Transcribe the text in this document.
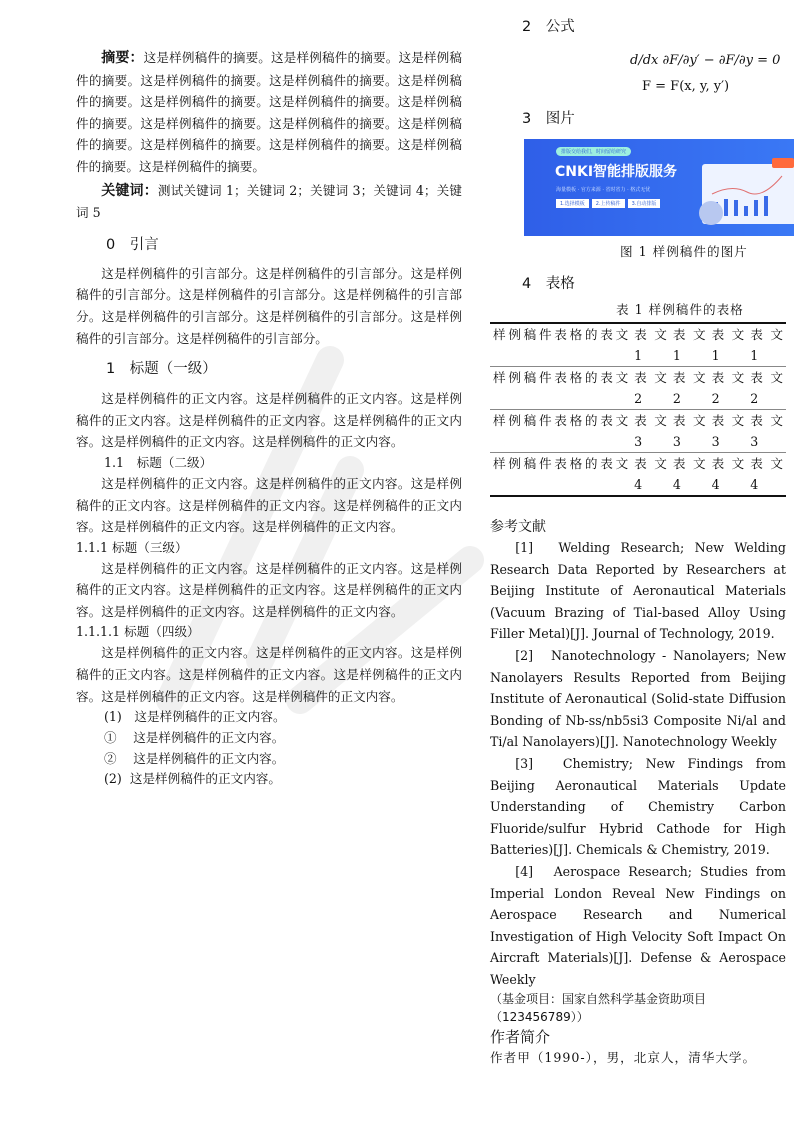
摘要：这是样例稿件的摘要。这是样例稿件的摘要。这是样例稿件的摘要。这是样例稿件的摘要。这是样例稿件的摘要。这是样例稿件的摘要。这是样例稿件的摘要。这是样例稿件的摘要。这是样例稿件的摘要。这是样例稿件的摘要。这是样例稿件的摘要。这是样例稿件的摘要。这是样例稿件的摘要。这是样例稿件的摘要。这是样例稿件的摘要。这是样例稿件的摘要。

关键词：测试关键词 1；关键词 2；关键词 3；关键词 4；关键词 5

0　 引言

这是样例稿件的引言部分。这是样例稿件的引言部分。这是样例稿件的引言部分。这是样例稿件的引言部分。这是样例稿件的引言部分。这是样例稿件的引言部分。这是样例稿件的引言部分。这是样例稿件的引言部分。这是样例稿件的引言部分。

1　 标题（一级）

这是样例稿件的正文内容。这是样例稿件的正文内容。这是样例稿件的正文内容。这是样例稿件的正文内容。这是样例稿件的正文内容。这是样例稿件的正文内容。这是样例稿件的正文内容。

1.1　标题（二级）

这是样例稿件的正文内容。这是样例稿件的正文内容。这是样例稿件的正文内容。这是样例稿件的正文内容。这是样例稿件的正文内容。这是样例稿件的正文内容。这是样例稿件的正文内容。

1.1.1 标题（三级）

这是样例稿件的正文内容。这是样例稿件的正文内容。这是样例稿件的正文内容。这是样例稿件的正文内容。这是样例稿件的正文内容。这是样例稿件的正文内容。这是样例稿件的正文内容。

1.1.1.1 标题（四级）

这是样例稿件的正文内容。这是样例稿件的正文内容。这是样例稿件的正文内容。这是样例稿件的正文内容。这是样例稿件的正文内容。这是样例稿件的正文内容。这是样例稿件的正文内容。

(1)　这是样例稿件的正文内容。
①　 这是样例稿件的正文内容。
②　 这是样例稿件的正文内容。
(2)  这是样例稿件的正文内容。
2　 公式
d/dx ∂F/∂y′ − ∂F/∂y = 0
F = F(x, y, y′)
3　 图片
排版交给我们，时间留给研究
CNKI智能排版服务
海量模板 · 官方来源 · 省时省力 · 格式无忧
1.选择模板	2.上传稿件	3.自动排版
图 1 样例稿件的图片
4　 表格
表 1 样例稿件的表格
样例稿件表格的表文	表文1	表文1	表文1	表文1
样例稿件表格的表文	表文2	表文2	表文2	表文2
样例稿件表格的表文	表文3	表文3	表文3	表文3
样例稿件表格的表文	表文4	表文4	表文4	表文4
参考文献

[1]　Welding Research; New Welding Research Data Reported by Researchers at Beijing Institute of Aeronautical Materials (Vacuum Brazing of Tial-based Alloy Using Filler Metal)[J]. Journal of Technology, 2019.

[2]　Nanotechnology - Nanolayers; New Nanolayers Results Reported from Beijing Institute of Aeronautical (Solid-state Diffusion Bonding of Nb-ss/nb5si3 Composite Ni/al and Ti/al Nanolayers)[J]. Nanotechnology Weekly

[3]　Chemistry; New Findings from Beijing Aeronautical Materials Update Understanding of Chemistry Carbon Fluoride/sulfur Hybrid Cathode for High Batteries)[J]. Chemicals & Chemistry, 2019.

[4]　Aerospace Research; Studies from Imperial London Reveal New Findings on Aerospace Research and Numerical Investigation of High Velocity Soft Impact On Aircraft Materials)[J]. Defense & Aerospace Weekly

（基金项目：国家自然科学基金资助项目（123456789））
作者简介
作者甲（1990-），男，北京人，清华大学。
